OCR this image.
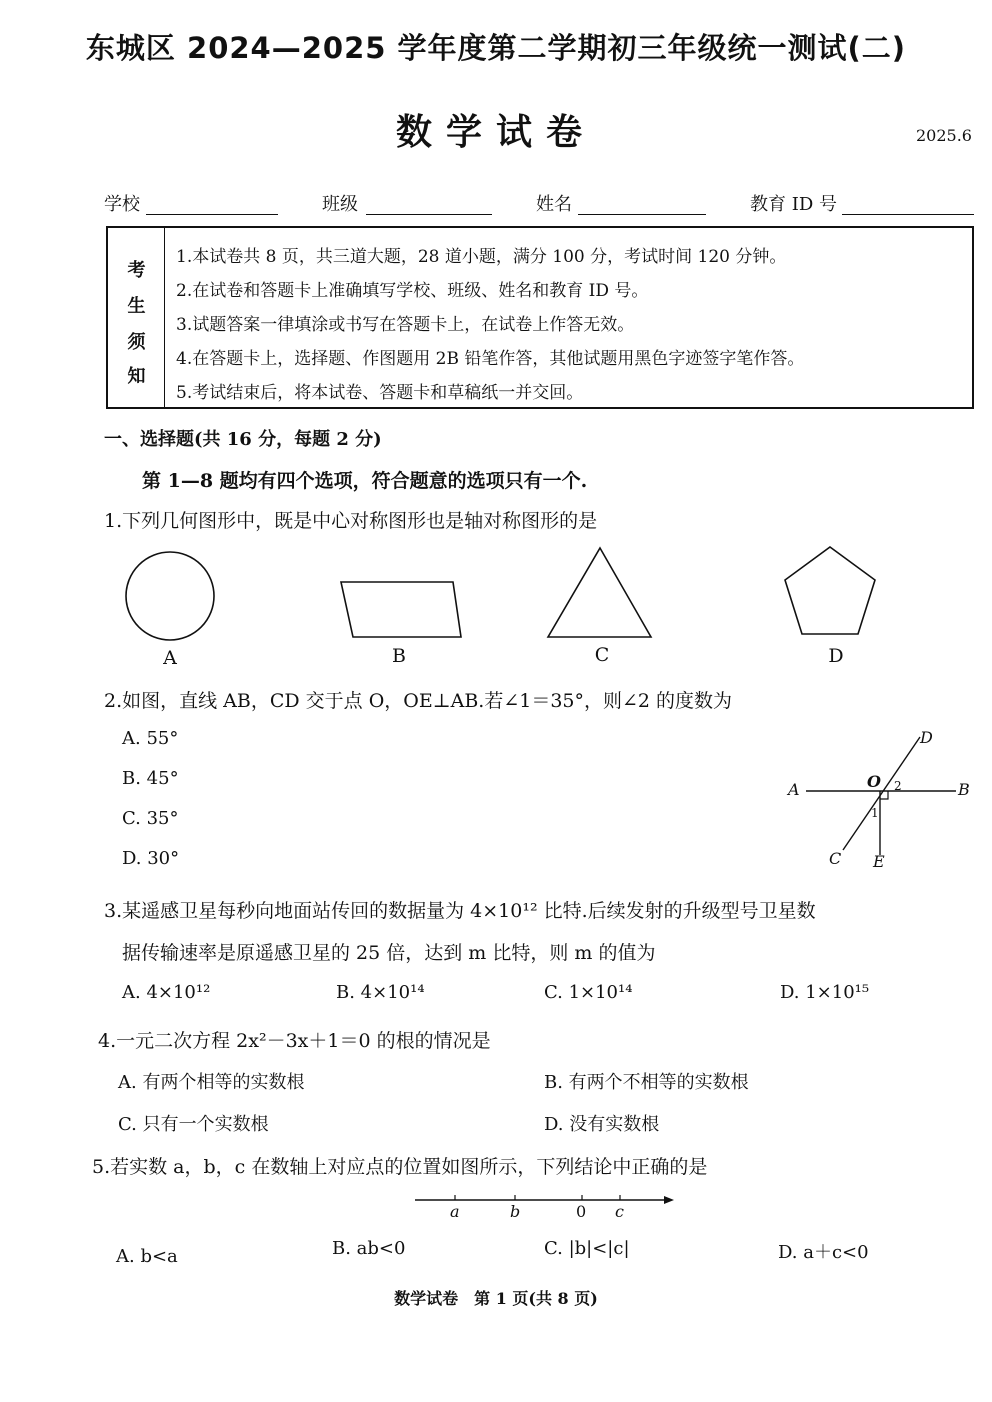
东城区 2024—2025 学年度第二学期初三年级统一测试(二)
数学试卷	2025.6
学校	班级	姓名	教育 ID 号
考
生
须
知
1.本试卷共 8 页，共三道大题，28 道小题，满分 100 分，考试时间 120 分钟。
2.在试卷和答题卡上准确填写学校、班级、姓名和教育 ID 号。
3.试题答案一律填涂或书写在答题卡上，在试卷上作答无效。
4.在答题卡上，选择题、作图题用 2B 铅笔作答，其他试题用黑色字迹签字笔作答。
5.考试结束后，将本试卷、答题卡和草稿纸一并交回。
一、选择题(共 16 分，每题 2 分)
第 1—8 题均有四个选项，符合题意的选项只有一个.
1.下列几何图形中，既是中心对称图形也是轴对称图形的是
A	B	C	D
2.如图，直线 AB，CD 交于点 O，OE⊥AB.若∠1＝35°，则∠2 的度数为
A. 55°
B. 45°
C. 35°
D. 30°
A	B
C
D
E
O 2
1
3.某遥感卫星每秒向地面站传回的数据量为 4×10¹² 比特.后续发射的升级型号卫星数
据传输速率是原遥感卫星的 25 倍，达到 m 比特，则 m 的值为
A. 4×10¹²	B. 4×10¹⁴	C. 1×10¹⁴	D. 1×10¹⁵
4.一元二次方程 2x²－3x＋1＝0 的根的情况是
A. 有两个相等的实数根	B. 有两个不相等的实数根
C. 只有一个实数根	D. 没有实数根
5.若实数 a，b，c 在数轴上对应点的位置如图所示，下列结论中正确的是
a	b	0 c
A. b<a	B. ab<0	C. |b|<|c|	D. a＋c<0
数学试卷　第 1 页(共 8 页)
